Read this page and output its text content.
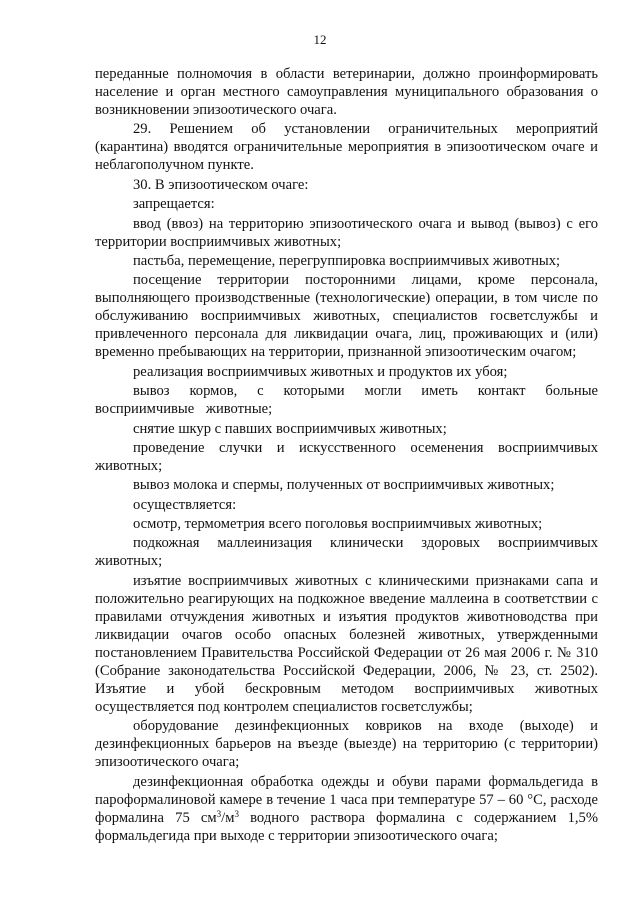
12

переданные полномочия в области ветеринарии, должно проинформировать население и орган местного самоуправления муниципального образования о возникновении эпизоотического очага.

29. Решением об установлении ограничительных мероприятий (карантина) вводятся ограничительные мероприятия в эпизоотическом очаге и неблагополучном пункте.

30. В эпизоотическом очаге:

запрещается:

ввод (ввоз) на территорию эпизоотического очага и вывод (вывоз) с его территории восприимчивых животных;

пастьба, перемещение, перегруппировка восприимчивых животных;

посещение территории посторонними лицами, кроме персонала, выполняющего производственные (технологические) операции, в том числе по обслуживанию восприимчивых животных, специалистов госветслужбы и привлеченного персонала для ликвидации очага, лиц, проживающих и (или) временно пребывающих на территории, признанной эпизоотическим очагом;

реализация восприимчивых животных и продуктов их убоя;

вывоз кормов, с которыми могли иметь контакт больные восприимчивые животные;

снятие шкур с павших восприимчивых животных;

проведение случки и искусственного осеменения восприимчивых животных;

вывоз молока и спермы, полученных от восприимчивых животных;

осуществляется:

осмотр, термометрия всего поголовья восприимчивых животных;

подкожная маллеинизация клинически здоровых восприимчивых животных;

изъятие восприимчивых животных с клиническими признаками сапа и положительно реагирующих на подкожное введение маллеина в соответствии с правилами отчуждения животных и изъятия продуктов животноводства при ликвидации очагов особо опасных болезней животных, утвержденными постановлением Правительства Российской Федерации от 26 мая 2006 г. № 310 (Собрание законодательства Российской Федерации, 2006, № 23, ст. 2502). Изъятие и убой бескровным методом восприимчивых животных осуществляется под контролем специалистов госветслужбы;

оборудование дезинфекционных ковриков на входе (выходе) и дезинфекционных барьеров на въезде (выезде) на территорию (с территории) эпизоотического очага;

дезинфекционная обработка одежды и обуви парами формальдегида в пароформалиновой камере в течение 1 часа при температуре 57 – 60 °С, расходе формалина 75 $см^3/м^3$ водного раствора формалина с содержанием 1,5% формальдегида при выходе с территории эпизоотического очага;
